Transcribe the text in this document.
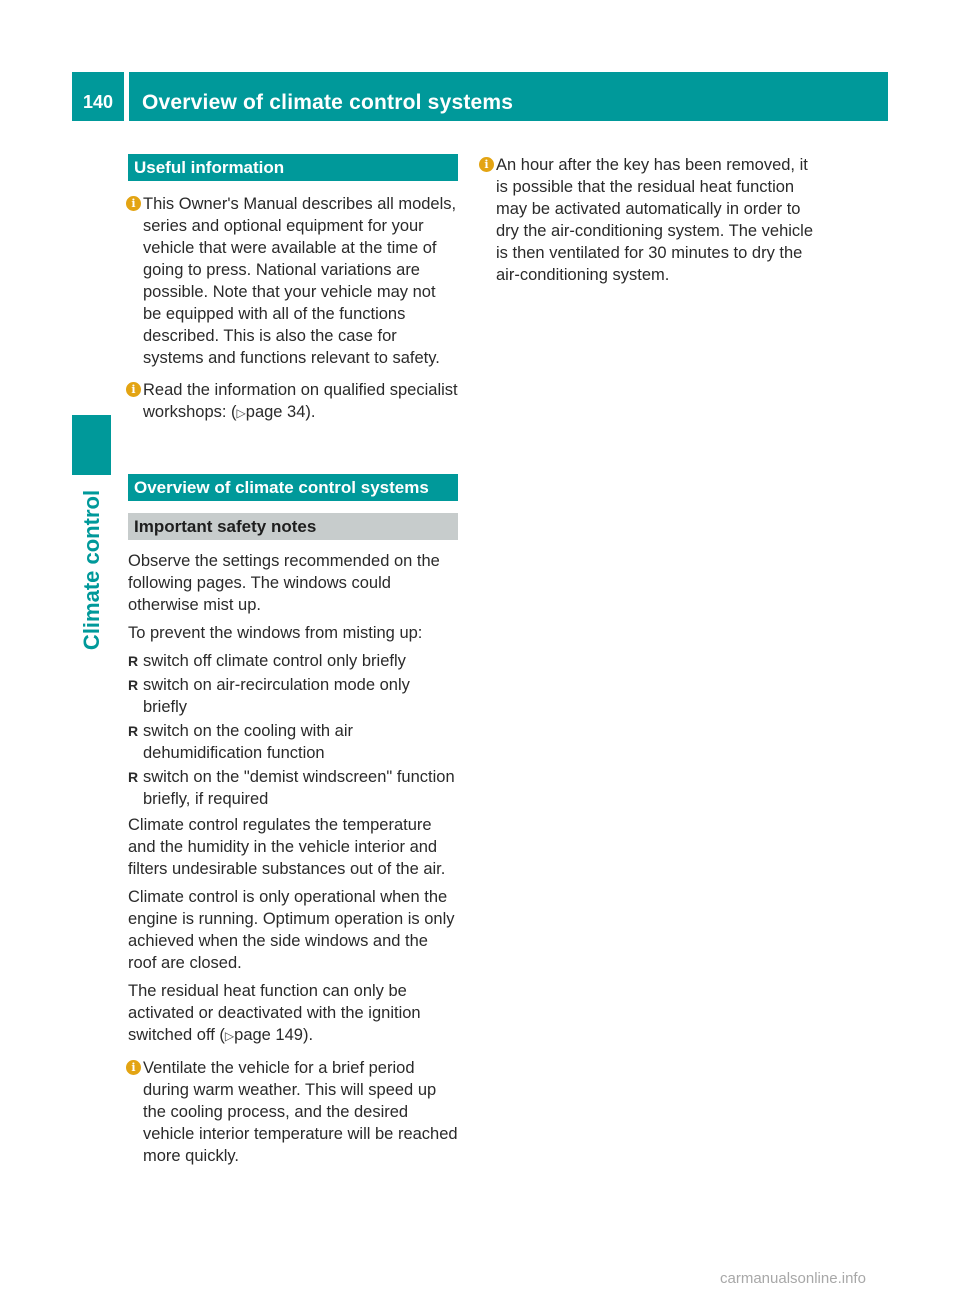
140	Overview of climate control systems
Climate control
Useful information
i This Owner's Manual describes all models, series and optional equipment for your vehicle that were available at the time of going to press. National variations are possible. Note that your vehicle may not be equipped with all of the functions described. This is also the case for systems and functions relevant to safety.
i Read the information on qualified specialist workshops: (▷page 34).
Overview of climate control systems
Important safety notes
Observe the settings recommended on the following pages. The windows could otherwise mist up.
To prevent the windows from misting up:
R switch off climate control only briefly
R switch on air-recirculation mode only briefly
R switch on the cooling with air dehumidification function
R switch on the "demist windscreen" function briefly, if required
Climate control regulates the temperature and the humidity in the vehicle interior and filters undesirable substances out of the air.
Climate control is only operational when the engine is running. Optimum operation is only achieved when the side windows and the roof are closed.
The residual heat function can only be activated or deactivated with the ignition switched off (▷page 149).
i Ventilate the vehicle for a brief period during warm weather. This will speed up the cooling process, and the desired vehicle interior temperature will be reached more quickly.
i An hour after the key has been removed, it is possible that the residual heat function may be activated automatically in order to dry the air-conditioning system. The vehicle is then ventilated for 30 minutes to dry the air-conditioning system.
carmanualsonline.info
